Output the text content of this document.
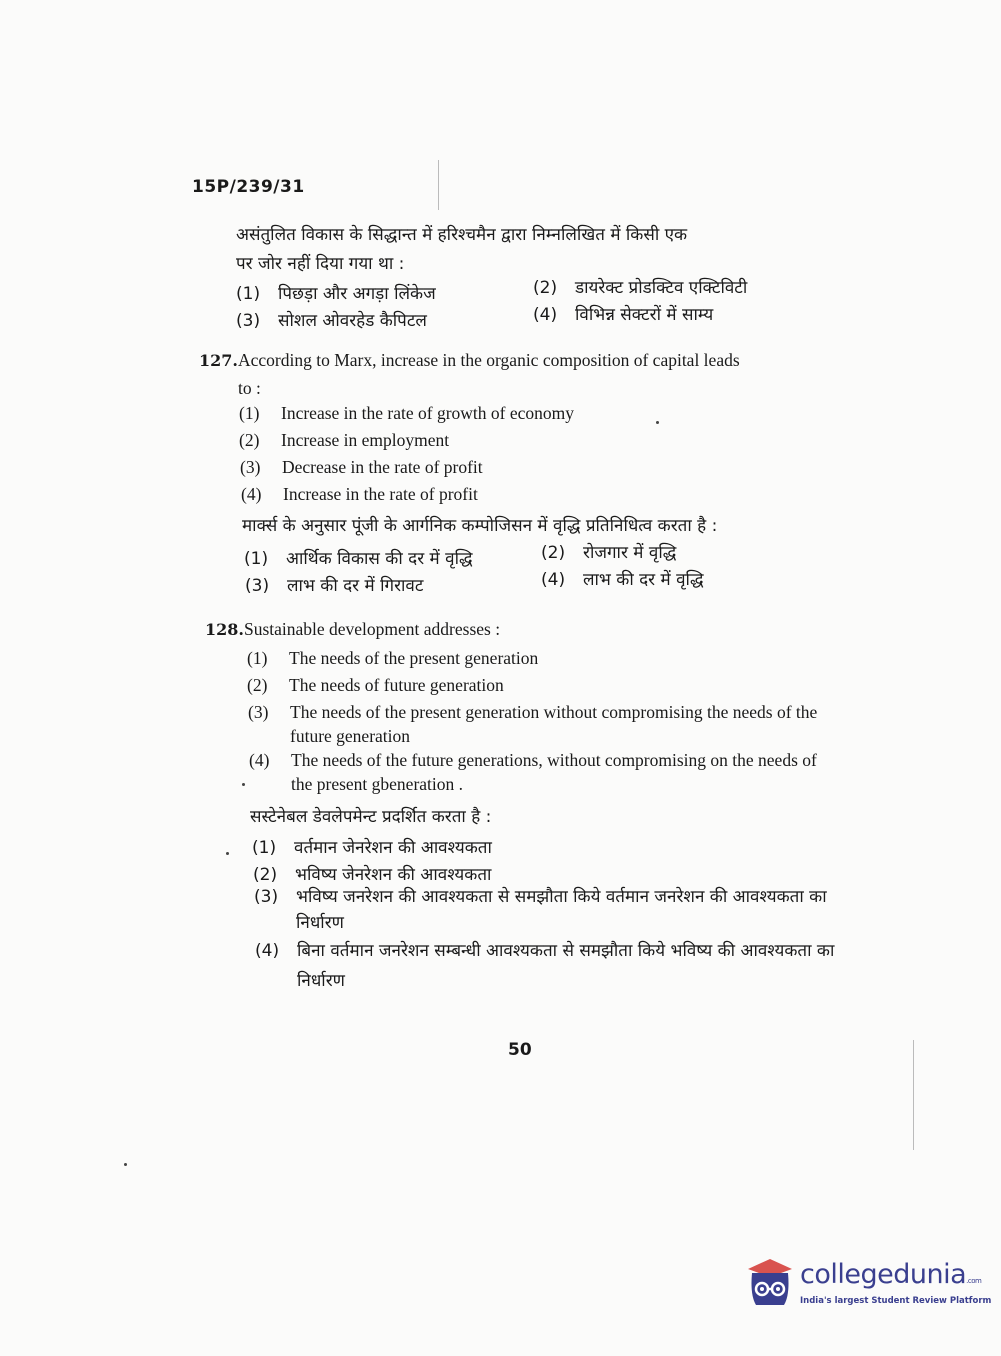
15P/239/31
असंतुलित विकास के सिद्धान्त में हरिश्चमैन द्वारा निम्नलिखित में किसी एक
पर जोर नहीं दिया गया था :
(1) पिछड़ा और अगड़ा लिंकेज	(2) डायरेक्ट प्रोडक्टिव एक्टिविटी
(3) सोशल ओवरहेड कैपिटल	(4) विभिन्न सेक्टरों में साम्य
127.According to Marx, increase in the organic composition of capital leads
to :
(1) Increase in the rate of growth of economy
(2) Increase in employment
(3) Decrease in the rate of profit
(4) Increase in the rate of profit
मार्क्स के अनुसार पूंजी के आर्गनिक कम्पोजिसन में वृद्धि प्रतिनिधित्व करता है :
(1) आर्थिक विकास की दर में वृद्धि	(2) रोजगार में वृद्धि
(3) लाभ की दर में गिरावट	(4) लाभ की दर में वृद्धि
128.Sustainable development addresses :
(1) The needs of the present generation
(2) The needs of future generation
(3)	The needs of the present generation without compromising the needs of the future generation
(4)	The needs of the future generations, without compromising on the needs of the present gbeneration .
सस्टेनेबल डेवलेपमेन्ट प्रदर्शित करता है :
(1) वर्तमान जेनरेशन की आवश्यकता
(2) भविष्य जेनरेशन की आवश्यकता
(3)	भविष्य जनरेशन की आवश्यकता से समझौता किये वर्तमान जनरेशन की आवश्यकता का निर्धारण
(4)	बिना वर्तमान जनरेशन सम्बन्धी आवश्यकता से समझौता किये भविष्य की आवश्यकता का निर्धारण
50
collegedunia.com
India's largest Student Review Platform
